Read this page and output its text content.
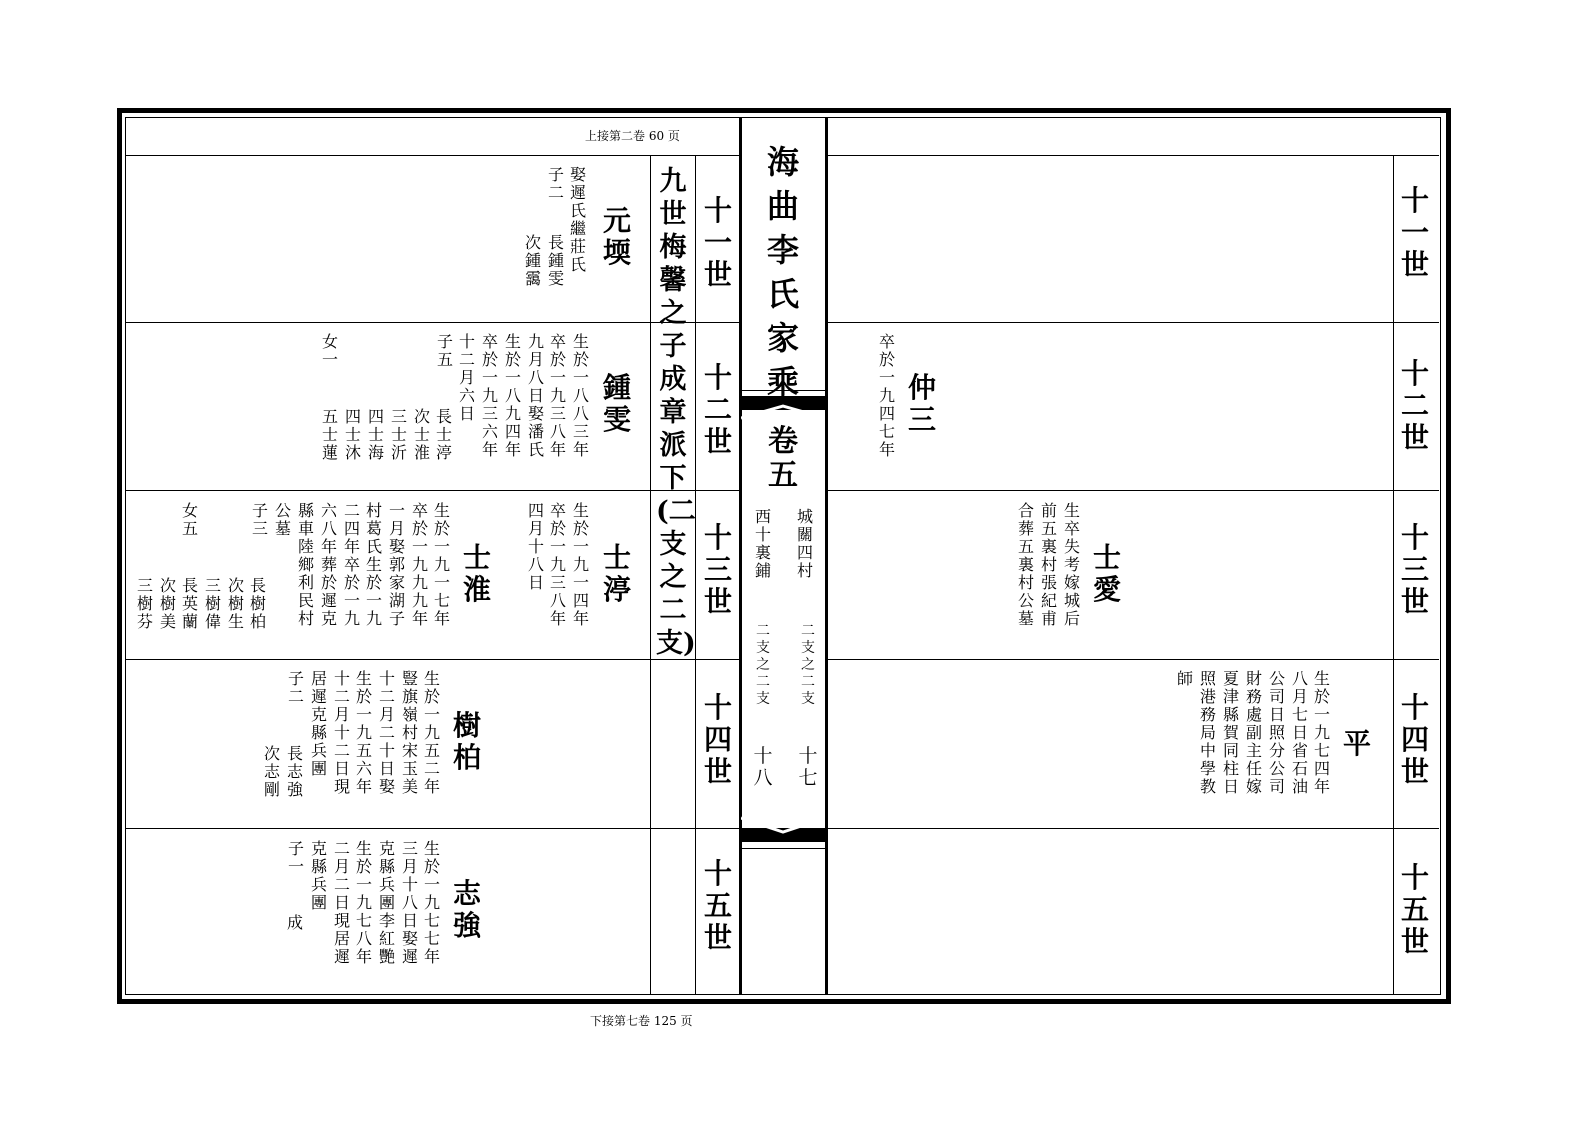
上接第二卷 60 页
海曲李氏家乘
卷五
城關四村
二支之二支
十七
西十裏鋪
二支之二支
十八
九世梅馨之子成章派下(二支之二支)
十一世
十二世
十三世
十四世
十五世
十一世
十二世
十三世
十四世
十五世
元堧
娶遲氏繼莊氏
子二
長鍾雯
次鍾靄
鍾雯
生於一八八三年
卒於一九三八年
九月八日娶潘氏
生於一八九四年
卒於一九三六年
十二月六日
子五
長士渟
次士淮
三士沂
四士海
四士沐
五士蓮
女一
士渟
生於一九一四年
卒於一九三八年
四月十八日
士淮
生於一九一七年
卒於一九九九年
一月娶郭家湖子
村葛氏生於一九
二四年卒於一九
六八年葬於遲克
縣車陸鄉利民村
公墓
子三
長樹柏
次樹生
三樹偉
長英蘭
次樹美
三樹芬
女五
樹柏
生於一九五二年
豎旗嶺村宋玉美
十二月二十日娶
生於一九五六年
十二月十二日現
居遲克縣兵團
子二
長志強
次志剛
志強
生於一九七七年
三月十八日娶遲
克縣兵團李紅艷
生於一九七八年
二月二日現居遲
克縣兵團
子一
成
仲三
卒於一九四七年
士愛
生卒失考嫁城后
前五裏村張紀甫
合葬五裏村公墓
平
生於一九七四年
八月七日省石油
公司日照分公司
財務處副主任嫁
夏津縣賀同柱日
照港務局中學教
師
下接第七卷 125 页
